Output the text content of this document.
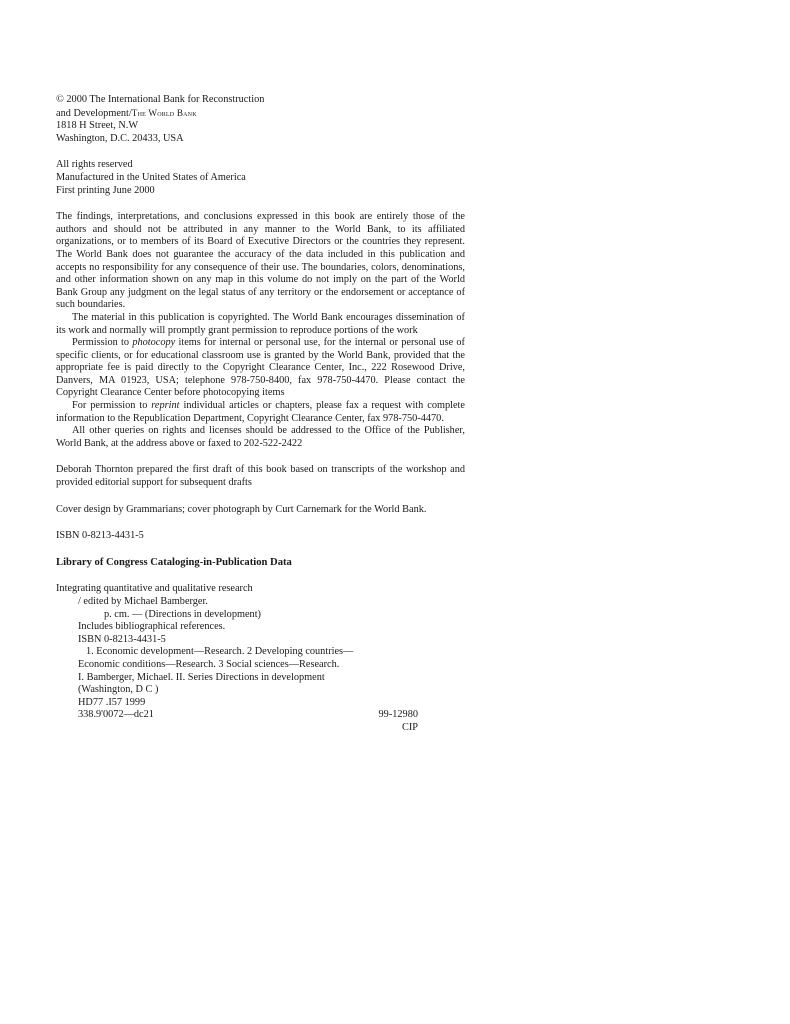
© 2000 The International Bank for Reconstruction
and Development/The World Bank
1818 H Street, N.W
Washington, D.C. 20433, USA
All rights reserved
Manufactured in the United States of America
First printing June 2000

The findings, interpretations, and conclusions expressed in this book are entirely those of the authors and should not be attributed in any manner to the World Bank, to its affiliated organizations, or to members of its Board of Executive Directors or the countries they represent. The World Bank does not guarantee the accuracy of the data included in this publication and accepts no responsibility for any consequence of their use. The boundaries, colors, denominations, and other information shown on any map in this volume do not imply on the part of the World Bank Group any judgment on the legal status of any territory or the endorsement or acceptance of such boundaries.

The material in this publication is copyrighted. The World Bank encourages dissemination of its work and normally will promptly grant permission to reproduce portions of the work

Permission to photocopy items for internal or personal use, for the internal or personal use of specific clients, or for educational classroom use is granted by the World Bank, provided that the appropriate fee is paid directly to the Copyright Clearance Center, Inc., 222 Rosewood Drive, Danvers, MA 01923, USA; telephone 978-750-8400, fax 978-750-4470. Please contact the Copyright Clearance Center before photocopying items

For permission to reprint individual articles or chapters, please fax a request with complete information to the Republication Department, Copyright Clearance Center, fax 978-750-4470.

All other queries on rights and licenses should be addressed to the Office of the Publisher, World Bank, at the address above or faxed to 202-522-2422

Deborah Thornton prepared the first draft of this book based on transcripts of the workshop and provided editorial support for subsequent drafts

Cover design by Grammarians; cover photograph by Curt Carnemark for the World Bank.

ISBN 0-8213-4431-5
Library of Congress Cataloging-in-Publication Data
Integrating quantitative and qualitative research
/ edited by Michael Bamberger.
p. cm. — (Directions in development)
Includes bibliographical references.
ISBN 0-8213-4431-5
1. Economic development—Research. 2 Developing countries—
Economic conditions—Research. 3 Social sciences—Research.
I. Bamberger, Michael. II. Series Directions in development
(Washington, D C )
HD77 .I57 1999
338.9'0072—dc21	99-12980
CIP
